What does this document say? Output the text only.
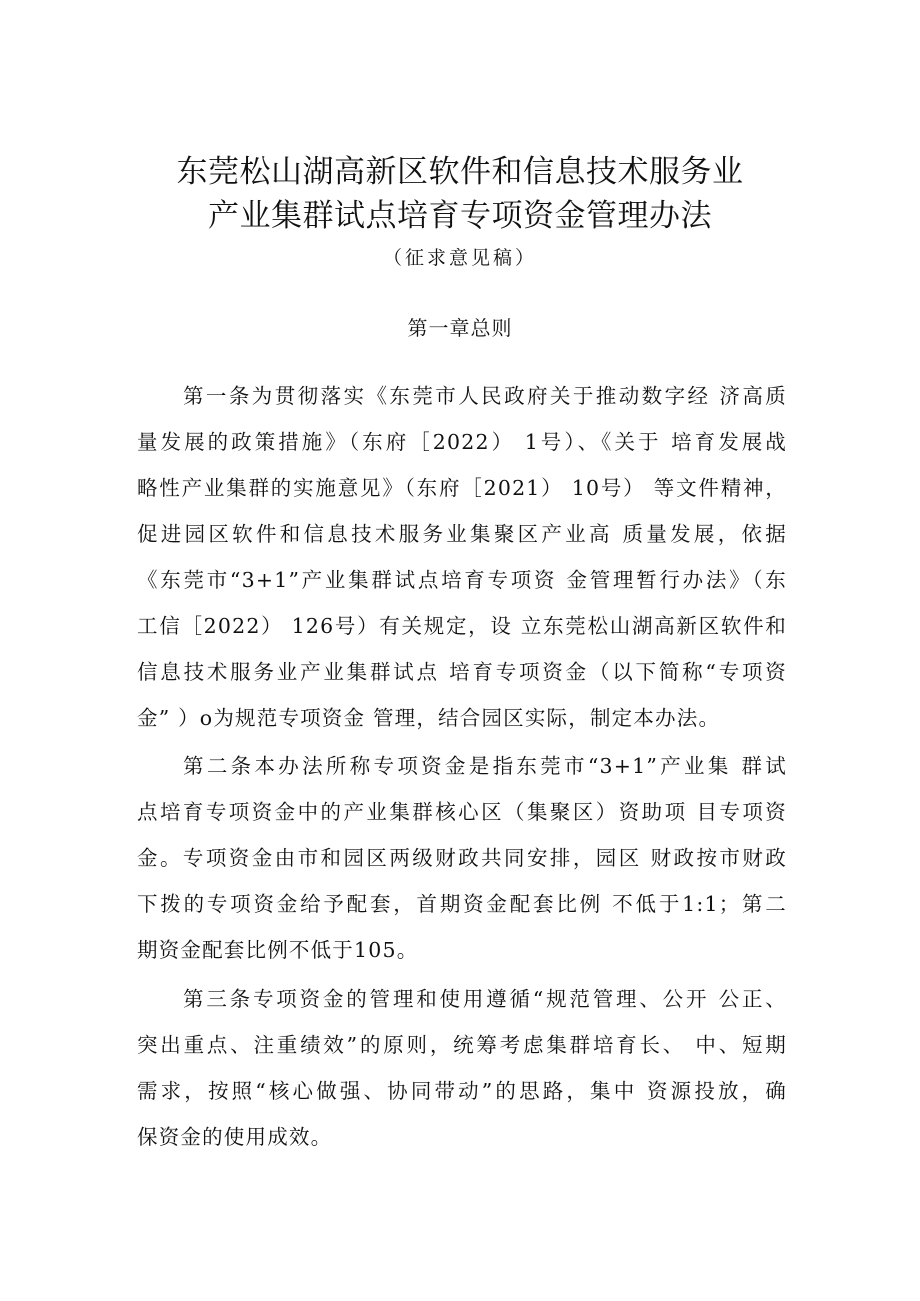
东莞松山湖高新区软件和信息技术服务业
产业集群试点培育专项资金管理办法
（征求意见稿）
第一章总则
第一条为贯彻落实《东莞市人民政府关于推动数字经 济高质
量发展的政策措施》（东府［2022） 1号）、《关于 培育发展战
略性产业集群的实施意见》（东府［2021） 10号） 等文件精神，
促进园区软件和信息技术服务业集聚区产业高 质量发展，依据
《东莞市“3+1”产业集群试点培育专项资 金管理暂行办法》（东
工信［2022） 126号）有关规定，设 立东莞松山湖高新区软件和
信息技术服务业产业集群试点 培育专项资金（以下简称“专项资
金” ）o为规范专项资金 管理，结合园区实际，制定本办法。
第二条本办法所称专项资金是指东莞市“3+1”产业集 群试
点培育专项资金中的产业集群核心区（集聚区）资助项 目专项资
金。专项资金由市和园区两级财政共同安排，园区 财政按市财政
下拨的专项资金给予配套，首期资金配套比例 不低于1:1；第二
期资金配套比例不低于105。
第三条专项资金的管理和使用遵循“规范管理、公开 公正、
突出重点、注重绩效”的原则，统筹考虑集群培育长、 中、短期
需求，按照“核心做强、协同带动”的思路，集中 资源投放，确
保资金的使用成效。
